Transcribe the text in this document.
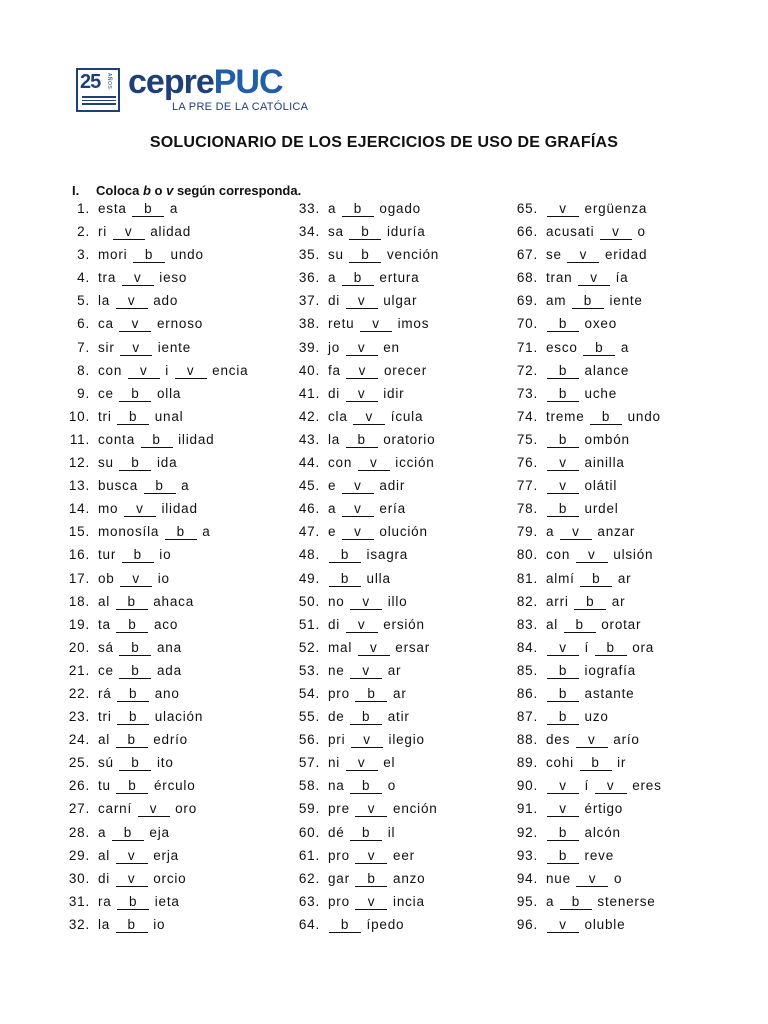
25 AÑOS ceprePUC
LA PRE DE LA CATÓLICA
SOLUCIONARIO DE LOS EJERCICIOS DE USO DE GRAFÍAS
I. Coloca b o v según corresponda.
1. esta b a
2. ri v alidad
3. mori b undo
4. tra v ieso
5. la v ado
6. ca v ernoso
7. sir v iente
8. con v i v encia
9. ce b olla
10. tri b unal
11. conta b ilidad
12. su b ida
13. busca b a
14. mo v ilidad
15. monosíla b a
16. tur b io
17. ob v io
18. al b ahaca
19. ta b aco
20. sá b ana
21. ce b ada
22. rá b ano
23. tri b ulación
24. al b edrío
25. sú b ito
26. tu b érculo
27. carní v oro
28. a b eja
29. al v erja
30. di v orcio
31. ra b ieta
32. la b io
33. a b ogado
34. sa b iduría
35. su b vención
36. a b ertura
37. di v ulgar
38. retu v imos
39. jo v en
40. fa v orecer
41. di v idir
42. cla v ícula
43. la b oratorio
44. con v icción
45. e v adir
46. a v ería
47. e v olución
48. b isagra
49. b ulla
50. no v illo
51. di v ersión
52. mal v ersar
53. ne v ar
54. pro b ar
55. de b atir
56. pri v ilegio
57. ni v el
58. na b o
59. pre v ención
60. dé b il
61. pro v eer
62. gar b anzo
63. pro v incia
64. b ípedo
65. v ergüenza
66. acusati v o
67. se v eridad
68. tran v ía
69. am b iente
70. b oxeo
71. esco b a
72. b alance
73. b uche
74. treme b undo
75. b ombón
76. v ainilla
77. v olátil
78. b urdel
79. a v anzar
80. con v ulsión
81. almí b ar
82. arri b ar
83. al b orotar
84. v í b ora
85. b iografía
86. b astante
87. b uzo
88. des v arío
89. cohi b ir
90. v í v eres
91. v értigo
92. b alcón
93. b reve
94. nue v o
95. a b stenerse
96. v oluble
